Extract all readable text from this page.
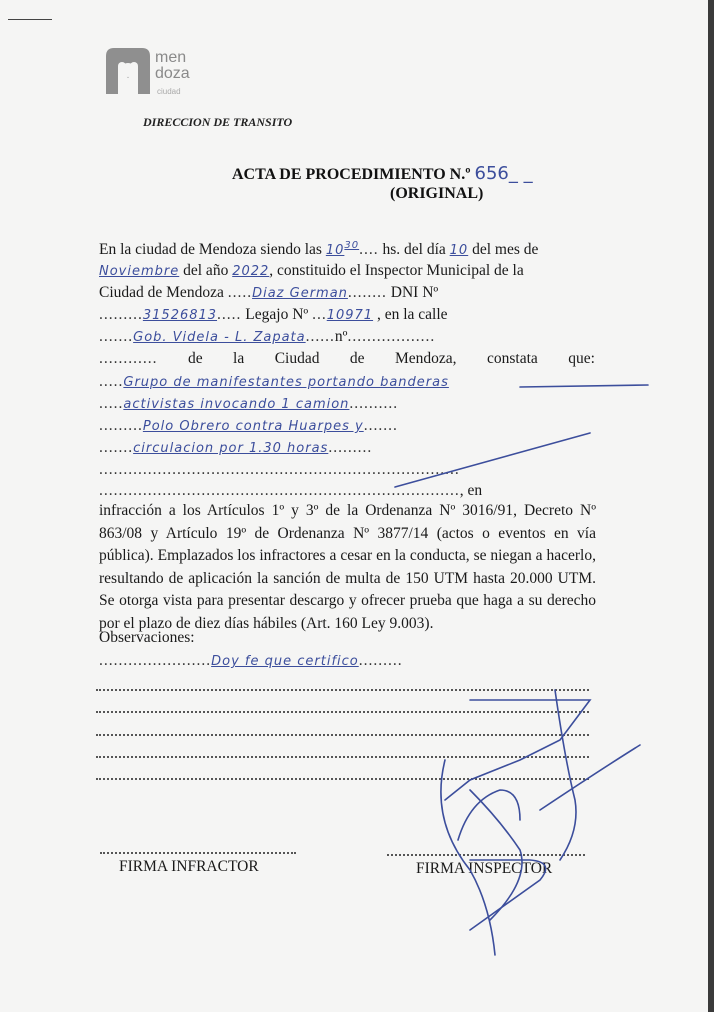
men
doza
ciudad
DIRECCION DE TRANSITO
ACTA DE PROCEDIMIENTO N.º 656_ _
(ORIGINAL)
En la ciudad de Mendoza siendo las $10^{30}$.... hs. del día 10 del mes de
Noviembre del año 2022, constituido el Inspector Municipal de la
Ciudad de Mendoza .....Diaz German........ DNI Nº
.........31526813..... Legajo Nº ...10971 , en la calle
.......Gob. Videla - L. Zapata......nº..................
............ de la Ciudad de Mendoza, constata que:
.....Grupo de manifestantes portando banderas
.....activistas invocando 1 camion..........
.........Polo Obrero contra Huarpes y.......
.......circulacion por 1.30 horas.........
..........................................................................
.........................................................................., en
infracción a los Artículos 1º y 3º de la Ordenanza Nº 3016/91, Decreto Nº 863/08 y Artículo 19º de Ordenanza Nº 3877/14 (actos o eventos en vía pública). Emplazados los infractores a cesar en la conducta, se niegan a hacerlo, resultando de aplicación la sanción de multa de 150 UTM hasta 20.000 UTM. Se otorga vista para presentar descargo y ofrecer prueba que haga a su derecho por el plazo de diez días hábiles (Art. 160 Ley 9.003).
Observaciones:
.......................Doy fe que certifico.........
FIRMA INFRACTOR	FIRMA INSPECTOR
